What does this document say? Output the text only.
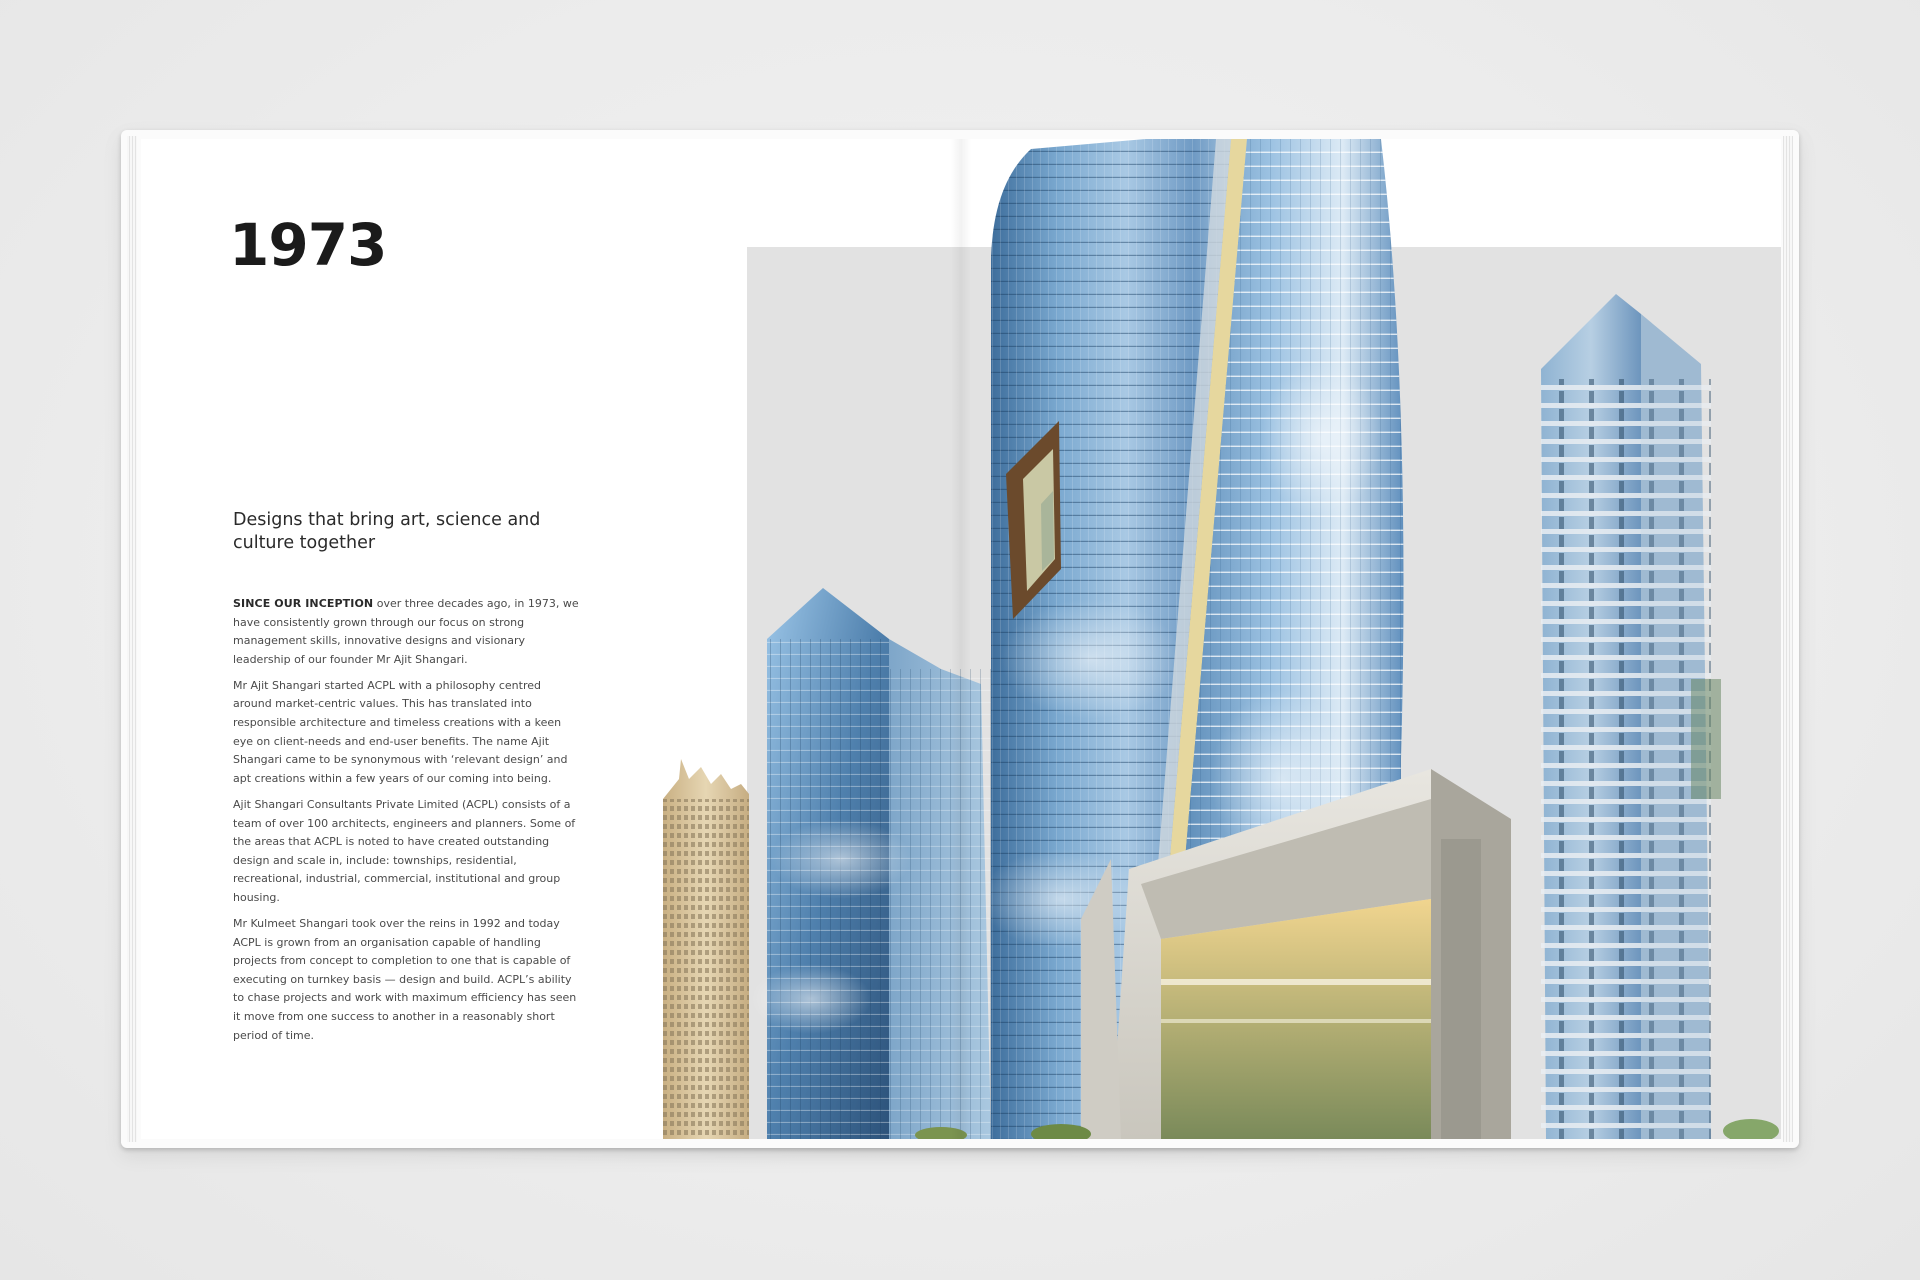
1973
Designs that bring art, science and culture together

SINCE OUR INCEPTION over three decades ago, in 1973, we have consistently grown through our focus on strong management skills, innovative designs and visionary leadership of our founder Mr Ajit Shangari.

Mr Ajit Shangari started ACPL with a philosophy centred around market-centric values. This has translated into responsible architecture and timeless creations with a keen eye on client-needs and end-user benefits. The name Ajit Shangari came to be synonymous with ‘relevant design’ and apt creations within a few years of our coming into being.

Ajit Shangari Consultants Private Limited (ACPL) consists of a team of over 100 architects, engineers and planners. Some of the areas that ACPL is noted to have created outstanding design and scale in, include: townships, residential, recreational, industrial, commercial, institutional and group housing.

Mr Kulmeet Shangari took over the reins in 1992 and today ACPL is grown from an organisation capable of handling projects from concept to completion to one that is capable of executing on turnkey basis — design and build. ACPL’s ability to chase projects and work with maximum efficiency has seen it move from one success to another in a reasonably short period of time.
